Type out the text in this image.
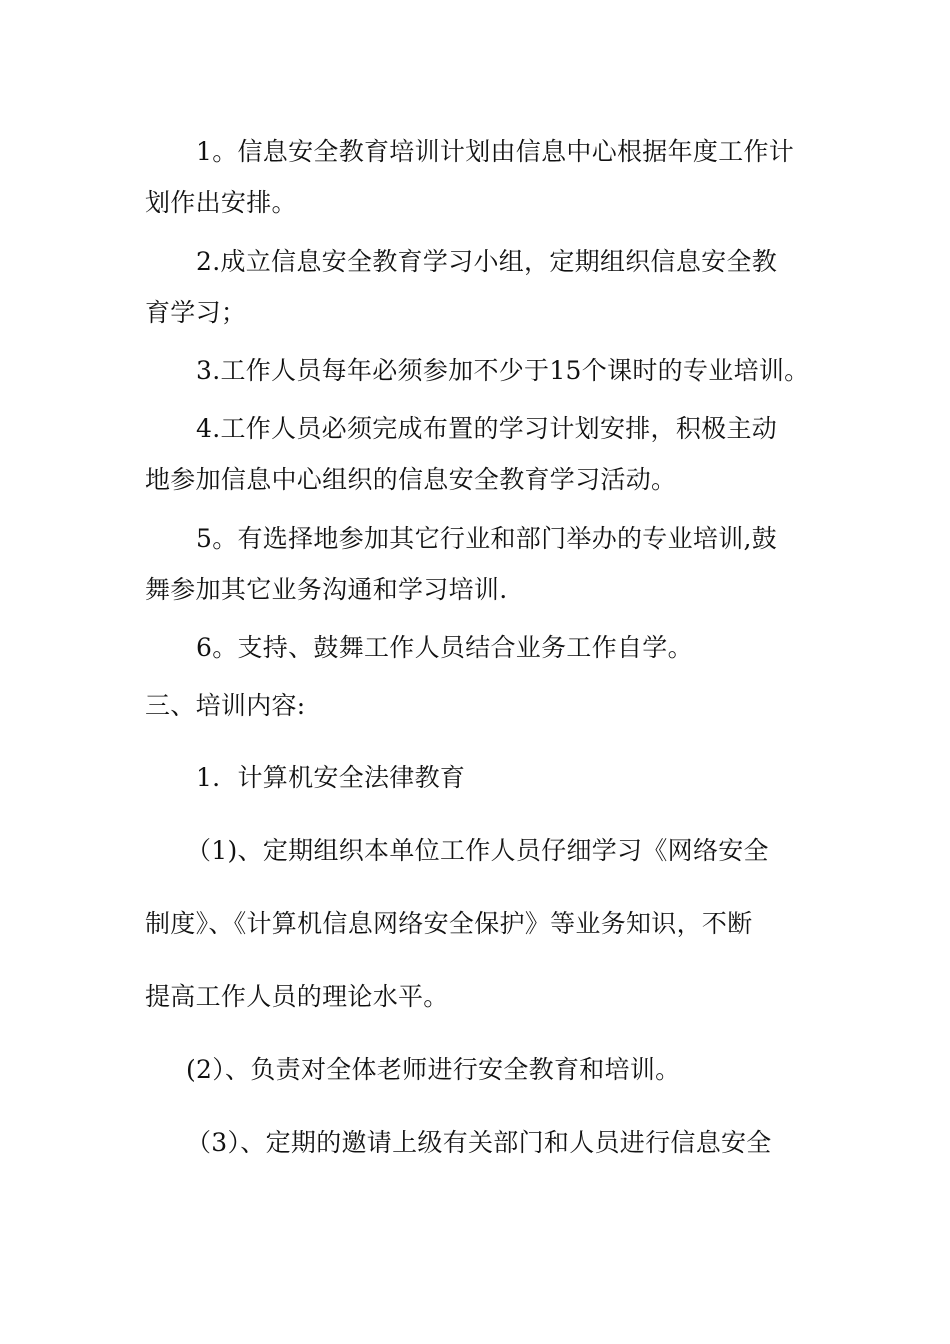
1。信息安全教育培训计划由信息中心根据年度工作计
划作出安排。
2.成立信息安全教育学习小组，定期组织信息安全教
育学习；
3.工作人员每年必须参加不少于15个课时的专业培训。
4.工作人员必须完成布置的学习计划安排，积极主动
地参加信息中心组织的信息安全教育学习活动。
5。有选择地参加其它行业和部门举办的专业培训,鼓
舞参加其它业务沟通和学习培训.
6。支持、鼓舞工作人员结合业务工作自学。
三、培训内容:
1．计算机安全法律教育
（1)、定期组织本单位工作人员仔细学习《网络安全
制度》、《计算机信息网络安全保护》等业务知识，不断
提高工作人员的理论水平。
(2）、负责对全体老师进行安全教育和培训。
（3）、定期的邀请上级有关部门和人员进行信息安全
